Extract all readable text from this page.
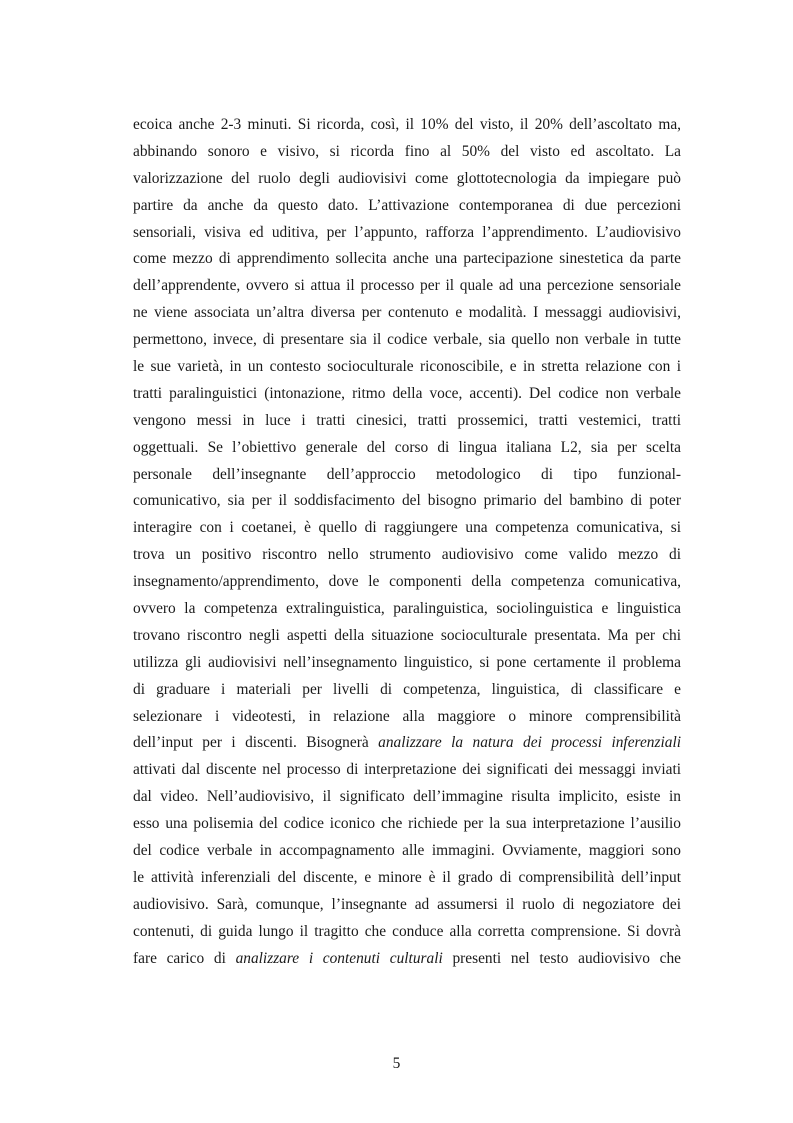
ecoica anche 2-3 minuti. Si ricorda, così, il 10% del visto, il 20% dell’ascoltato ma,
abbinando sonoro e visivo, si ricorda fino al 50% del visto ed ascoltato. La
valorizzazione del ruolo degli audiovisivi come glottotecnologia da impiegare può
partire da anche da questo dato. L’attivazione contemporanea di due percezioni
sensoriali, visiva ed uditiva, per l’appunto, rafforza l’apprendimento. L’audiovisivo
come mezzo di apprendimento sollecita anche una partecipazione sinestetica da parte
dell’apprendente, ovvero si attua il processo per il quale ad una percezione sensoriale
ne viene associata un’altra diversa per contenuto e modalità. I messaggi audiovisivi,
permettono, invece, di presentare sia il codice verbale, sia quello non verbale in tutte
le sue varietà, in un contesto socioculturale riconoscibile, e in stretta relazione con i
tratti paralinguistici (intonazione, ritmo della voce, accenti). Del codice non verbale
vengono messi in luce i tratti cinesici, tratti prossemici, tratti vestemici, tratti
oggettuali. Se l’obiettivo generale del corso di lingua italiana L2, sia per scelta
personale dell’insegnante dell’approccio metodologico di tipo funzional-
comunicativo, sia per il soddisfacimento del bisogno primario del bambino di poter
interagire con i coetanei, è quello di raggiungere una competenza comunicativa, si
trova un positivo riscontro nello strumento audiovisivo come valido mezzo di
insegnamento/apprendimento, dove le componenti della competenza comunicativa,
ovvero la competenza extralinguistica, paralinguistica, sociolinguistica e linguistica
trovano riscontro negli aspetti della situazione socioculturale presentata. Ma per chi
utilizza gli audiovisivi nell’insegnamento linguistico, si pone certamente il problema
di graduare i materiali per livelli di competenza, linguistica, di classificare e
selezionare i videotesti, in relazione alla maggiore o minore comprensibilità
dell’input per i discenti. Bisognerà analizzare la natura dei processi inferenziali
attivati dal discente nel processo di interpretazione dei significati dei messaggi inviati
dal video. Nell’audiovisivo, il significato dell’immagine risulta implicito, esiste in
esso una polisemia del codice iconico che richiede per la sua interpretazione l’ausilio
del codice verbale in accompagnamento alle immagini. Ovviamente, maggiori sono
le attività inferenziali del discente, e minore è il grado di comprensibilità dell’input
audiovisivo. Sarà, comunque, l’insegnante ad assumersi il ruolo di negoziatore dei
contenuti, di guida lungo il tragitto che conduce alla corretta comprensione. Si dovrà
fare carico di analizzare i contenuti culturali presenti nel testo audiovisivo che
5
